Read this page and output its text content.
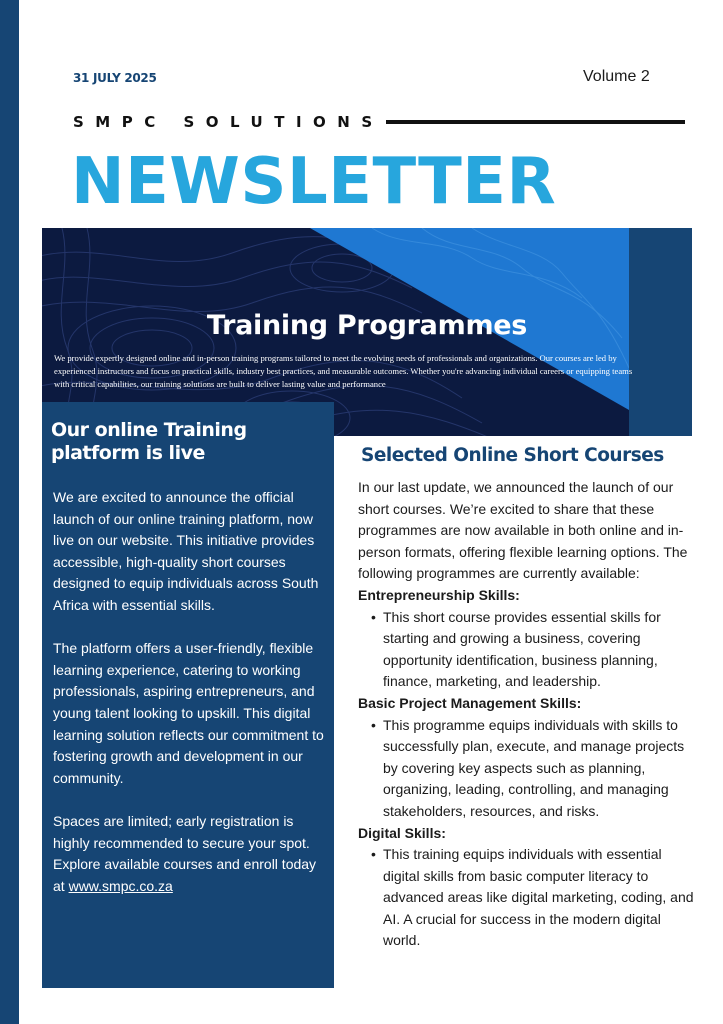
31 JULY 2025	Volume 2
SMPC SOLUTIONS
NEWSLETTER
Training Programmes
We provide expertly designed online and in-person training programs tailored to meet the evolving needs of professionals and organizations. Our courses are led by experienced instructors and focus on practical skills, industry best practices, and measurable outcomes. Whether you're advancing individual careers or equipping teams with critical capabilities, our training solutions are built to deliver lasting value and performance
Our online Training platform is live

We are excited to announce the official launch of our online training platform, now live on our website. This initiative provides accessible, high-quality short courses designed to equip individuals across South Africa with essential skills.

The platform offers a user-friendly, flexible learning experience, catering to working professionals, aspiring entrepreneurs, and young talent looking to upskill. This digital learning solution reflects our commitment to fostering growth and development in our community.

Spaces are limited; early registration is highly recommended to secure your spot. Explore available courses and enroll today at www.smpc.co.za

Selected Online Short Courses
In our last update, we announced the launch of our short courses. We’re excited to share that these programmes are now available in both online and in-person formats, offering flexible learning options. The following programmes are currently available:
Entrepreneurship Skills:
• This short course provides essential skills for starting and growing a business, covering opportunity identification, business planning, finance, marketing, and leadership.
Basic Project Management Skills:
• This programme equips individuals with skills to successfully plan, execute, and manage projects by covering key aspects such as planning, organizing, leading, controlling, and managing stakeholders, resources, and risks.
Digital Skills:
• This training equips individuals with essential digital skills from basic computer literacy to advanced areas like digital marketing, coding, and AI. A crucial for success in the modern digital world.
